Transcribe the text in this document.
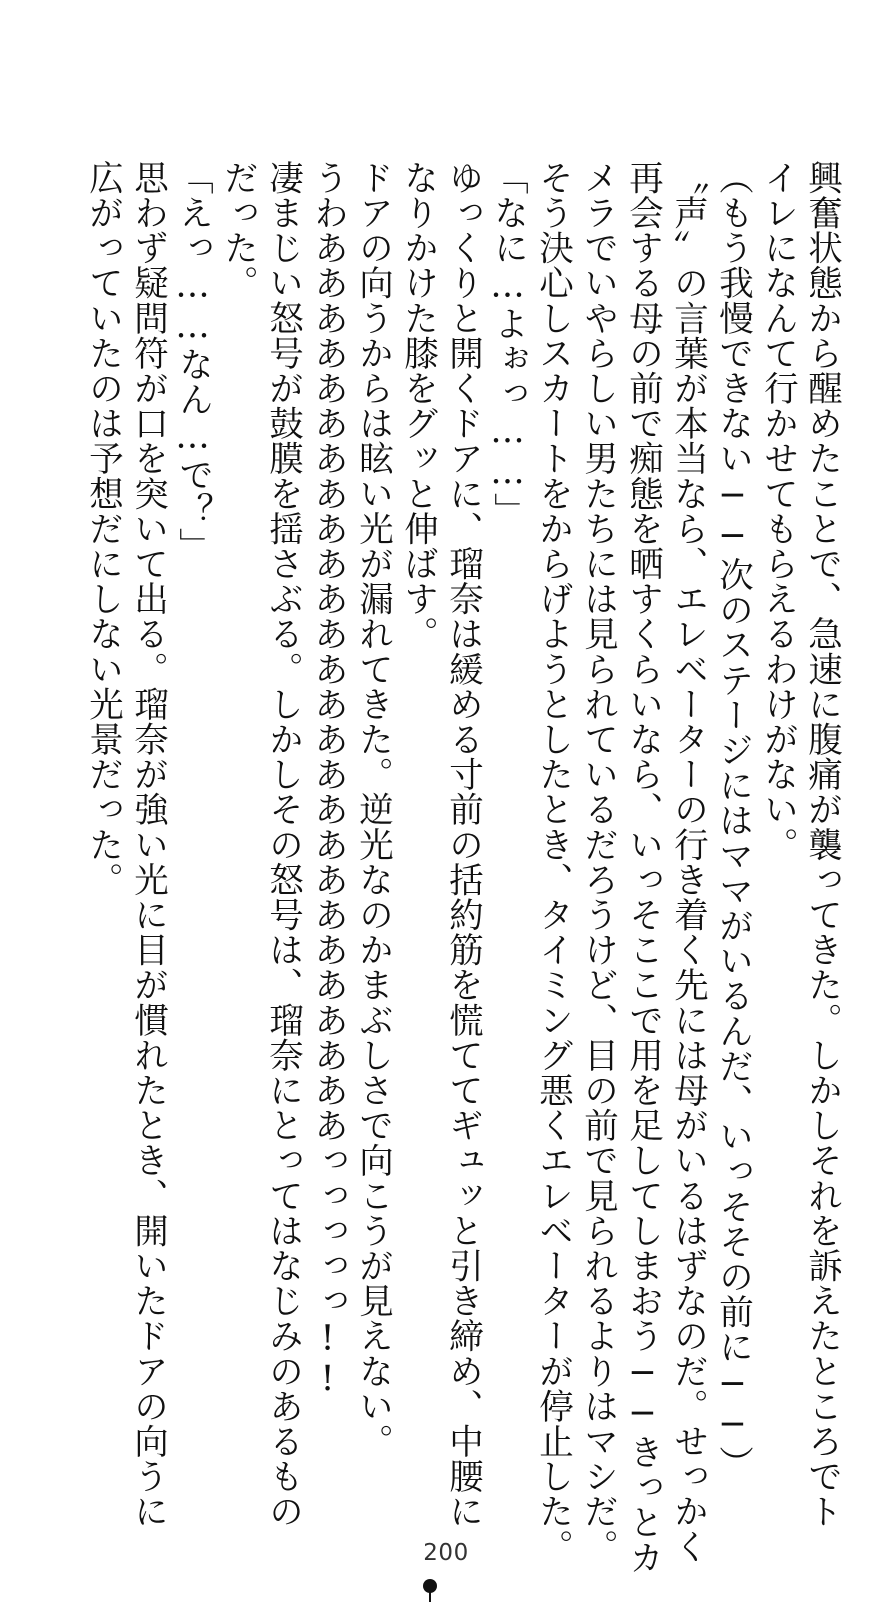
興奮状態から醒めたことで、急速に腹痛が襲ってきた。しかしそれを訴えたところでト
イレになんて行かせてもらえるわけがない。
（もう我慢できない──次のステージにはママがいるんだ、いっそその前に──）
〝声〟の言葉が本当なら、エレベーターの行き着く先には母がいるはずなのだ。せっかく
再会する母の前で痴態を晒すくらいなら、いっそここで用を足してしまおう──きっとカ
メラでいやらしい男たちには見られているだろうけど、目の前で見られるよりはマシだ。
そう決心しスカートをからげようとしたとき、タイミング悪くエレベーターが停止した。
「なに…よぉっ……」
ゆっくりと開くドアに、瑠奈は緩める寸前の括約筋を慌ててギュッと引き締め、中腰に
なりかけた膝をグッと伸ばす。
ドアの向うからは眩い光が漏れてきた。逆光なのかまぶしさで向こうが見えない。
うわああああああああああああああああああああああああああっっっっっ!!
凄まじい怒号が鼓膜を揺さぶる。しかしその怒号は、瑠奈にとってはなじみのあるもの
だった。
「えっ……なん…で？」
思わず疑問符が口を突いて出る。瑠奈が強い光に目が慣れたとき、開いたドアの向うに
広がっていたのは予想だにしない光景だった。
200
